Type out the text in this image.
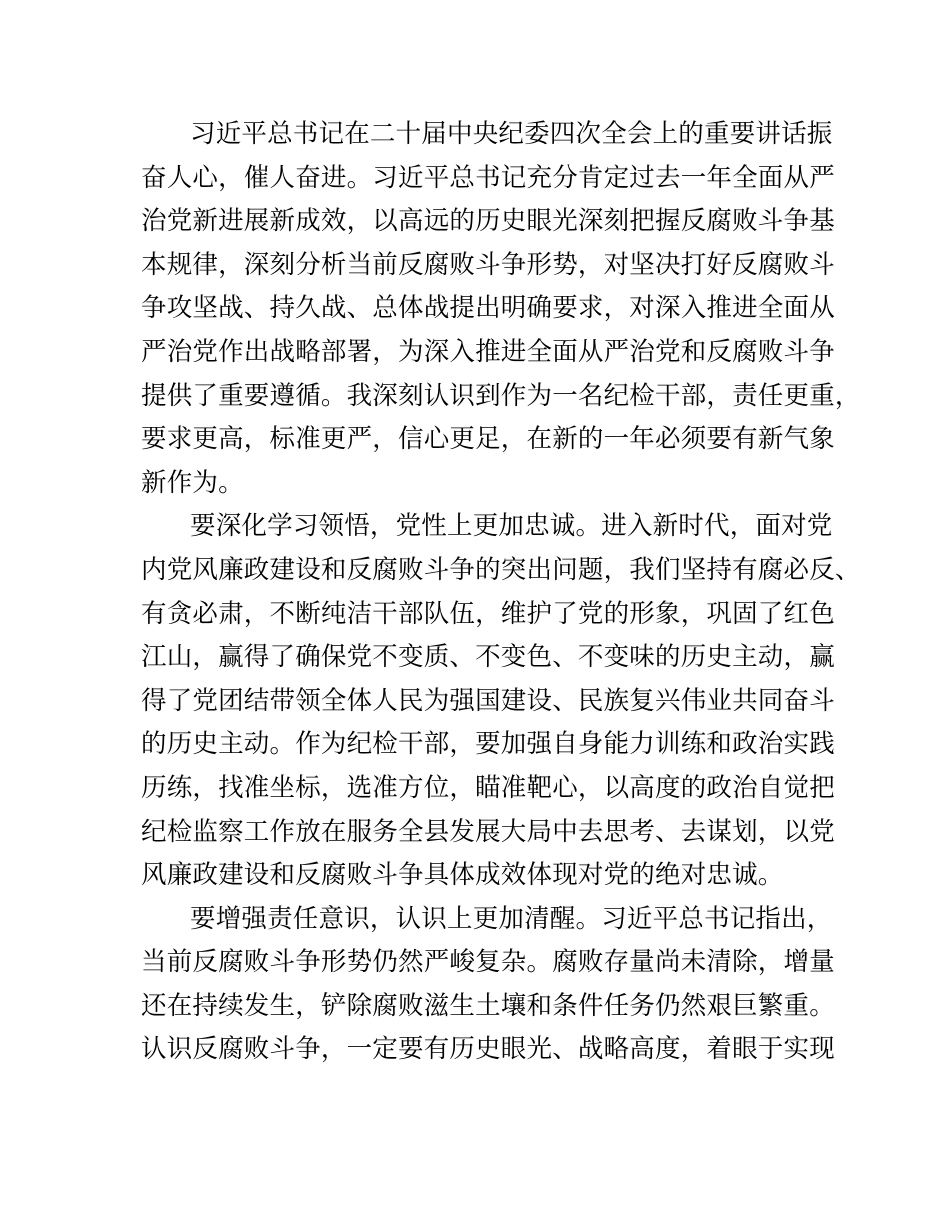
习近平总书记在二十届中央纪委四次全会上的重要讲话振
奋人心，催人奋进。习近平总书记充分肯定过去一年全面从严
治党新进展新成效，以高远的历史眼光深刻把握反腐败斗争基
本规律，深刻分析当前反腐败斗争形势，对坚决打好反腐败斗
争攻坚战、持久战、总体战提出明确要求，对深入推进全面从
严治党作出战略部署，为深入推进全面从严治党和反腐败斗争
提供了重要遵循。我深刻认识到作为一名纪检干部，责任更重，
要求更高，标准更严，信心更足，在新的一年必须要有新气象
新作为。
要深化学习领悟，党性上更加忠诚。进入新时代，面对党
内党风廉政建设和反腐败斗争的突出问题，我们坚持有腐必反、
有贪必肃，不断纯洁干部队伍，维护了党的形象，巩固了红色
江山，赢得了确保党不变质、不变色、不变味的历史主动，赢
得了党团结带领全体人民为强国建设、民族复兴伟业共同奋斗
的历史主动。作为纪检干部，要加强自身能力训练和政治实践
历练，找准坐标，选准方位，瞄准靶心，以高度的政治自觉把
纪检监察工作放在服务全县发展大局中去思考、去谋划，以党
风廉政建设和反腐败斗争具体成效体现对党的绝对忠诚。
要增强责任意识，认识上更加清醒。习近平总书记指出，
当前反腐败斗争形势仍然严峻复杂。腐败存量尚未清除，增量
还在持续发生，铲除腐败滋生土壤和条件任务仍然艰巨繁重。
认识反腐败斗争，一定要有历史眼光、战略高度，着眼于实现
